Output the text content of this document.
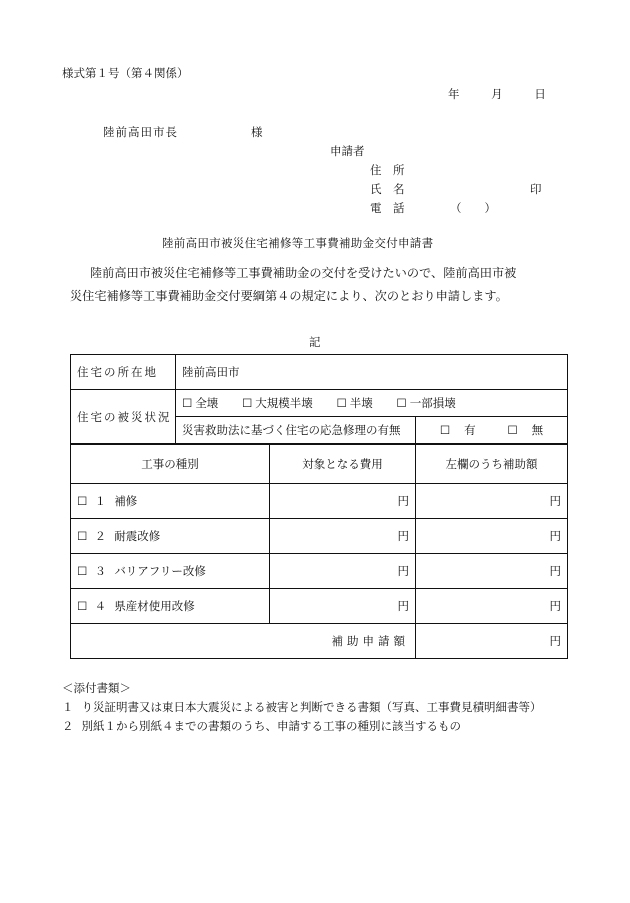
様式第１号（第４関係）
年	月	日
陸前高田市長	様
申請者
住　所
氏　名	印
電　話	（　　）
陸前高田市被災住宅補修等工事費補助金交付申請書
陸前高田市被災住宅補修等工事費補助金の交付を受けたいので、陸前高田市被
災住宅補修等工事費補助金交付要綱第４の規定により、次のとおり申請します。
記
住宅の所在地	陸前高田市		
住宅の被災状況	☐ 全壊 ☐ 大規模半壊 ☐ 半壊 ☐ 一部損壊		
	災害救助法に基づく住宅の応急修理の有無		☐ 有 ☐ 無
工事の種別		対象となる費用	左欄のうち補助額
☐ １ 補修		円	円
☐ ２ 耐震改修		円	円
☐ ３ バリアフリー改修		円	円
☐ ４ 県産材使用改修		円	円
補助申請額			円
＜添付書類＞
１ り災証明書又は東日本大震災による被害と判断できる書類（写真、工事費見積明細書等）
２ 別紙１から別紙４までの書類のうち、申請する工事の種別に該当するもの
